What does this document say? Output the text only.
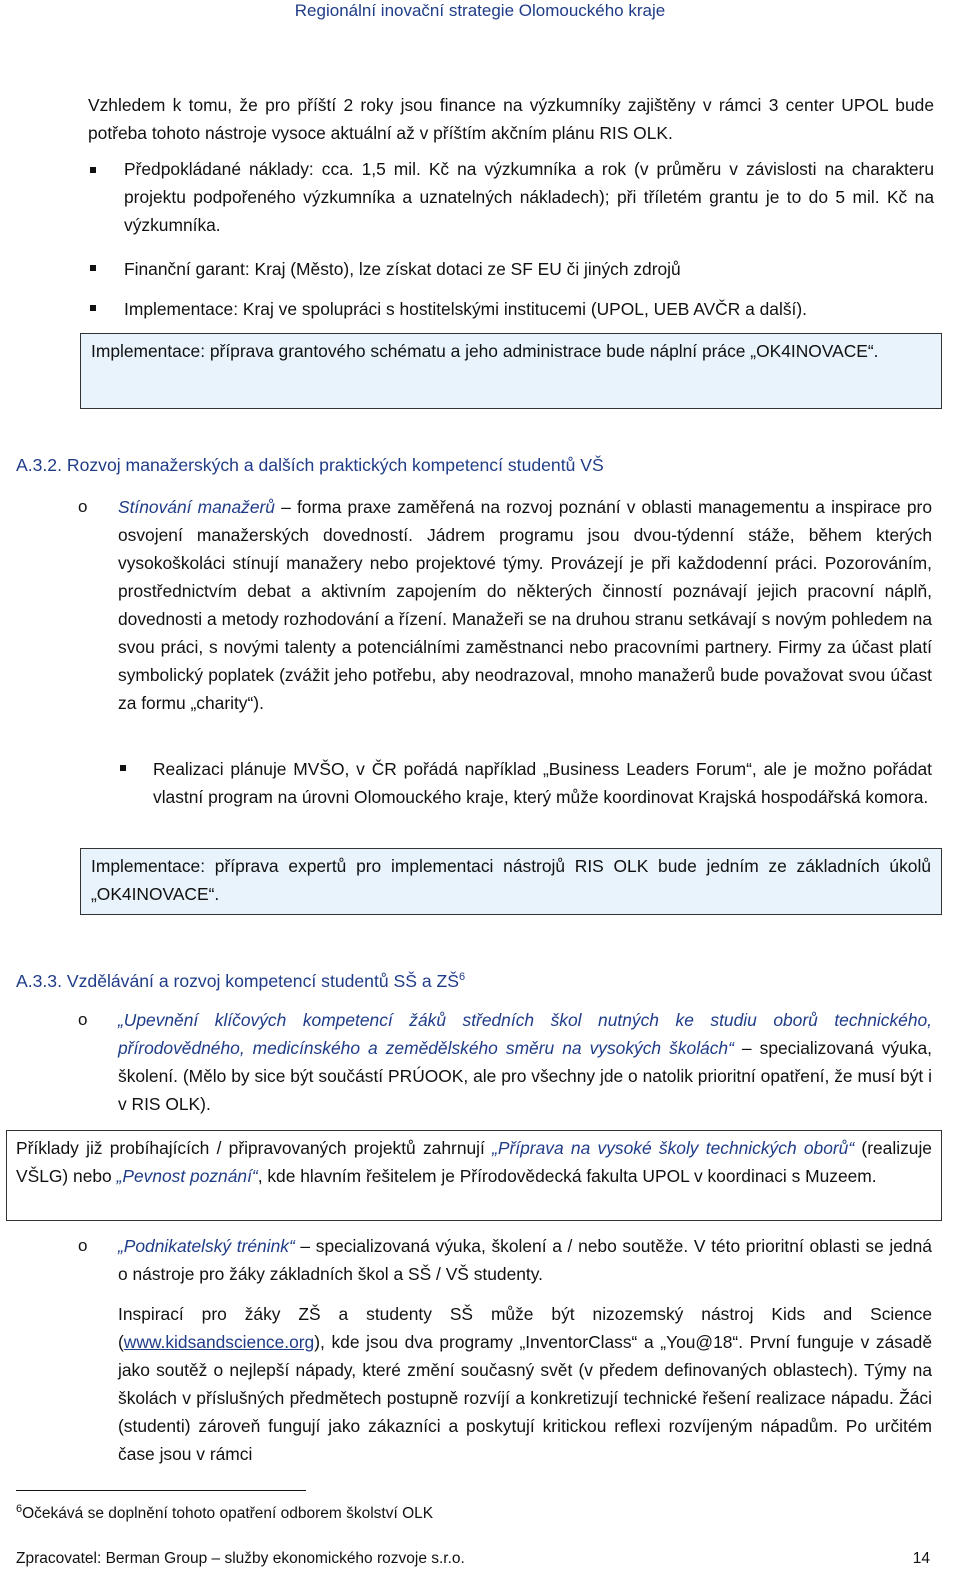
Regionální inovační strategie Olomouckého kraje

Vzhledem k tomu, že pro příští 2 roky jsou finance na výzkumníky zajištěny v rámci 3 center UPOL bude potřeba tohoto nástroje vysoce aktuální až v příštím akčním plánu RIS OLK.

Předpokládané náklady: cca. 1,5 mil. Kč na výzkumníka a rok (v průměru v závislosti na charakteru projektu podpořeného výzkumníka a uznatelných nákladech); při tříletém grantu je to do 5 mil. Kč na výzkumníka.

Finanční garant: Kraj (Město), lze získat dotaci ze SF EU či jiných zdrojů

Implementace: Kraj ve spolupráci s hostitelskými institucemi (UPOL, UEB AVČR a další).

Implementace: příprava grantového schématu a jeho administrace bude náplní práce „OK4INOVACE“.

A.3.2. Rozvoj manažerských a dalších praktických kompetencí studentů VŠ
o Stínování manažerů – forma praxe zaměřená na rozvoj poznání v oblasti managementu a inspirace pro osvojení manažerských dovedností. Jádrem programu jsou dvou-týdenní stáže, během kterých vysokoškoláci stínují manažery nebo projektové týmy. Provázejí je při každodenní práci. Pozorováním, prostřednictvím debat a aktivním zapojením do některých činností poznávají jejich pracovní náplň, dovednosti a metody rozhodování a řízení. Manažeři se na druhou stranu setkávají s novým pohledem na svou práci, s novými talenty a potenciálními zaměstnanci nebo pracovními partnery. Firmy za účast platí symbolický poplatek (zvážit jeho potřebu, aby neodrazoval, mnoho manažerů bude považovat svou účast za formu „charity“).

Realizaci plánuje MVŠO, v ČR pořádá například „Business Leaders Forum“, ale je možno pořádat vlastní program na úrovni Olomouckého kraje, který může koordinovat Krajská hospodářská komora.

Implementace: příprava expertů pro implementaci nástrojů RIS OLK bude jedním ze základních úkolů „OK4INOVACE“.

A.3.3. Vzdělávání a rozvoj kompetencí studentů SŠ a $ZŠ^6$
o „Upevnění klíčových kompetencí žáků středních škol nutných ke studiu oborů technického, přírodovědného, medicínského a zemědělského směru na vysokých školách“ – specializovaná výuka, školení. (Mělo by sice být součástí PRÚOOK, ale pro všechny jde o natolik prioritní opatření, že musí být i v RIS OLK).

Příklady již probíhajících / připravovaných projektů zahrnují „Příprava na vysoké školy technických oborů“ (realizuje VŠLG) nebo „Pevnost poznání“, kde hlavním řešitelem je Přírodovědecká fakulta UPOL v koordinaci s Muzeem.

o „Podnikatelský trénink“ – specializovaná výuka, školení a / nebo soutěže. V této prioritní oblasti se jedná o nástroje pro žáky základních škol a SŠ / VŠ studenty.

Inspirací pro žáky ZŠ a studenty SŠ může být nizozemský nástroj Kids and Science (www.kidsandscience.org), kde jsou dva programy „InventorClass“ a „You@18“. První funguje v zásadě jako soutěž o nejlepší nápady, které změní současný svět (v předem definovaných oblastech). Týmy na školách v příslušných předmětech postupně rozvíjí a konkretizují technické řešení realizace nápadu. Žáci (studenti) zároveň fungují jako zákazníci a poskytují kritickou reflexi rozvíjeným nápadům. Po určitém čase jsou v rámci

$^6$Očekává se doplnění tohoto opatření odborem školství OLK
Zpracovatel: Berman Group – služby ekonomického rozvoje s.r.o.	14
